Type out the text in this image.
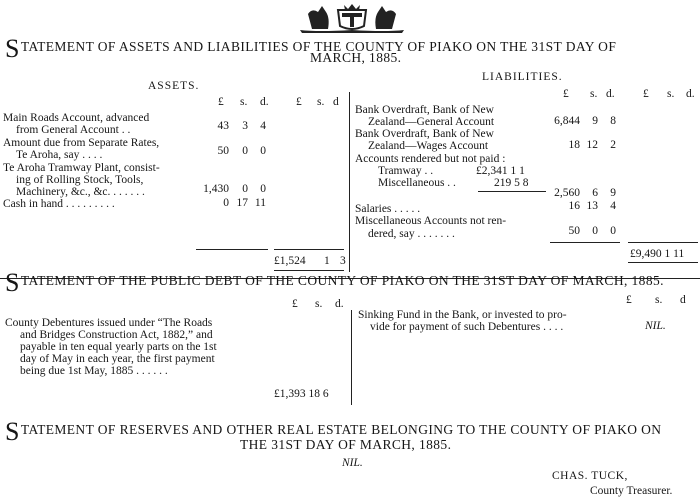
STATEMENT OF ASSETS AND LIABILITIES OF THE COUNTY OF PIAKO ON THE 31ST DAY OF
MARCH, 1885.
ASSETS.
£ s. d. £ s. d
Main Roads Account, advanced
from General Account . .	43	3	4
Amount due from Separate Rates,
Te Aroha, say . . . .	50	0	0
Te Aroha Tramway Plant, consist-
ing of Rolling Stock, Tools,
Machinery, &c., &c. . . . . . .	1,430	0	0
Cash in hand . . . . . . . . .	0 17 11
£1,524 1 3
LIABILITIES.
£ s. d. £ s. d.
Bank Overdraft, Bank of New
Zealand—General Account	6,844	9	8
Bank Overdraft, Bank of New
Zealand—Wages Account	18 12	2
Accounts rendered but not paid :
Tramway . .	£2,341 1 1
Miscellaneous . .	219 5 8
2,560	6	9
Salaries . . . . .	16 13	4
Miscellaneous Accounts not ren-
dered, say . . . . . . .	50	0	0
£9,490 1 11
STATEMENT OF THE PUBLIC DEBT OF THE COUNTY OF PIAKO ON THE 31ST DAY OF MARCH, 1885.
£ s. d.
County Debentures issued under “The Roads
and Bridges Construction Act, 1882,” and
payable in ten equal yearly parts on the 1st
day of May in each year, the first payment
being due 1st May, 1885 . . . . . .
£1,393 18 6
£ s. d
Sinking Fund in the Bank, or invested to pro-
vide for payment of such Debentures . . . .	NIL.
STATEMENT OF RESERVES AND OTHER REAL ESTATE BELONGING TO THE COUNTY OF PIAKO ON
THE 31ST DAY OF MARCH, 1885.
NIL.
CHAS. TUCK,
County Treasurer.
